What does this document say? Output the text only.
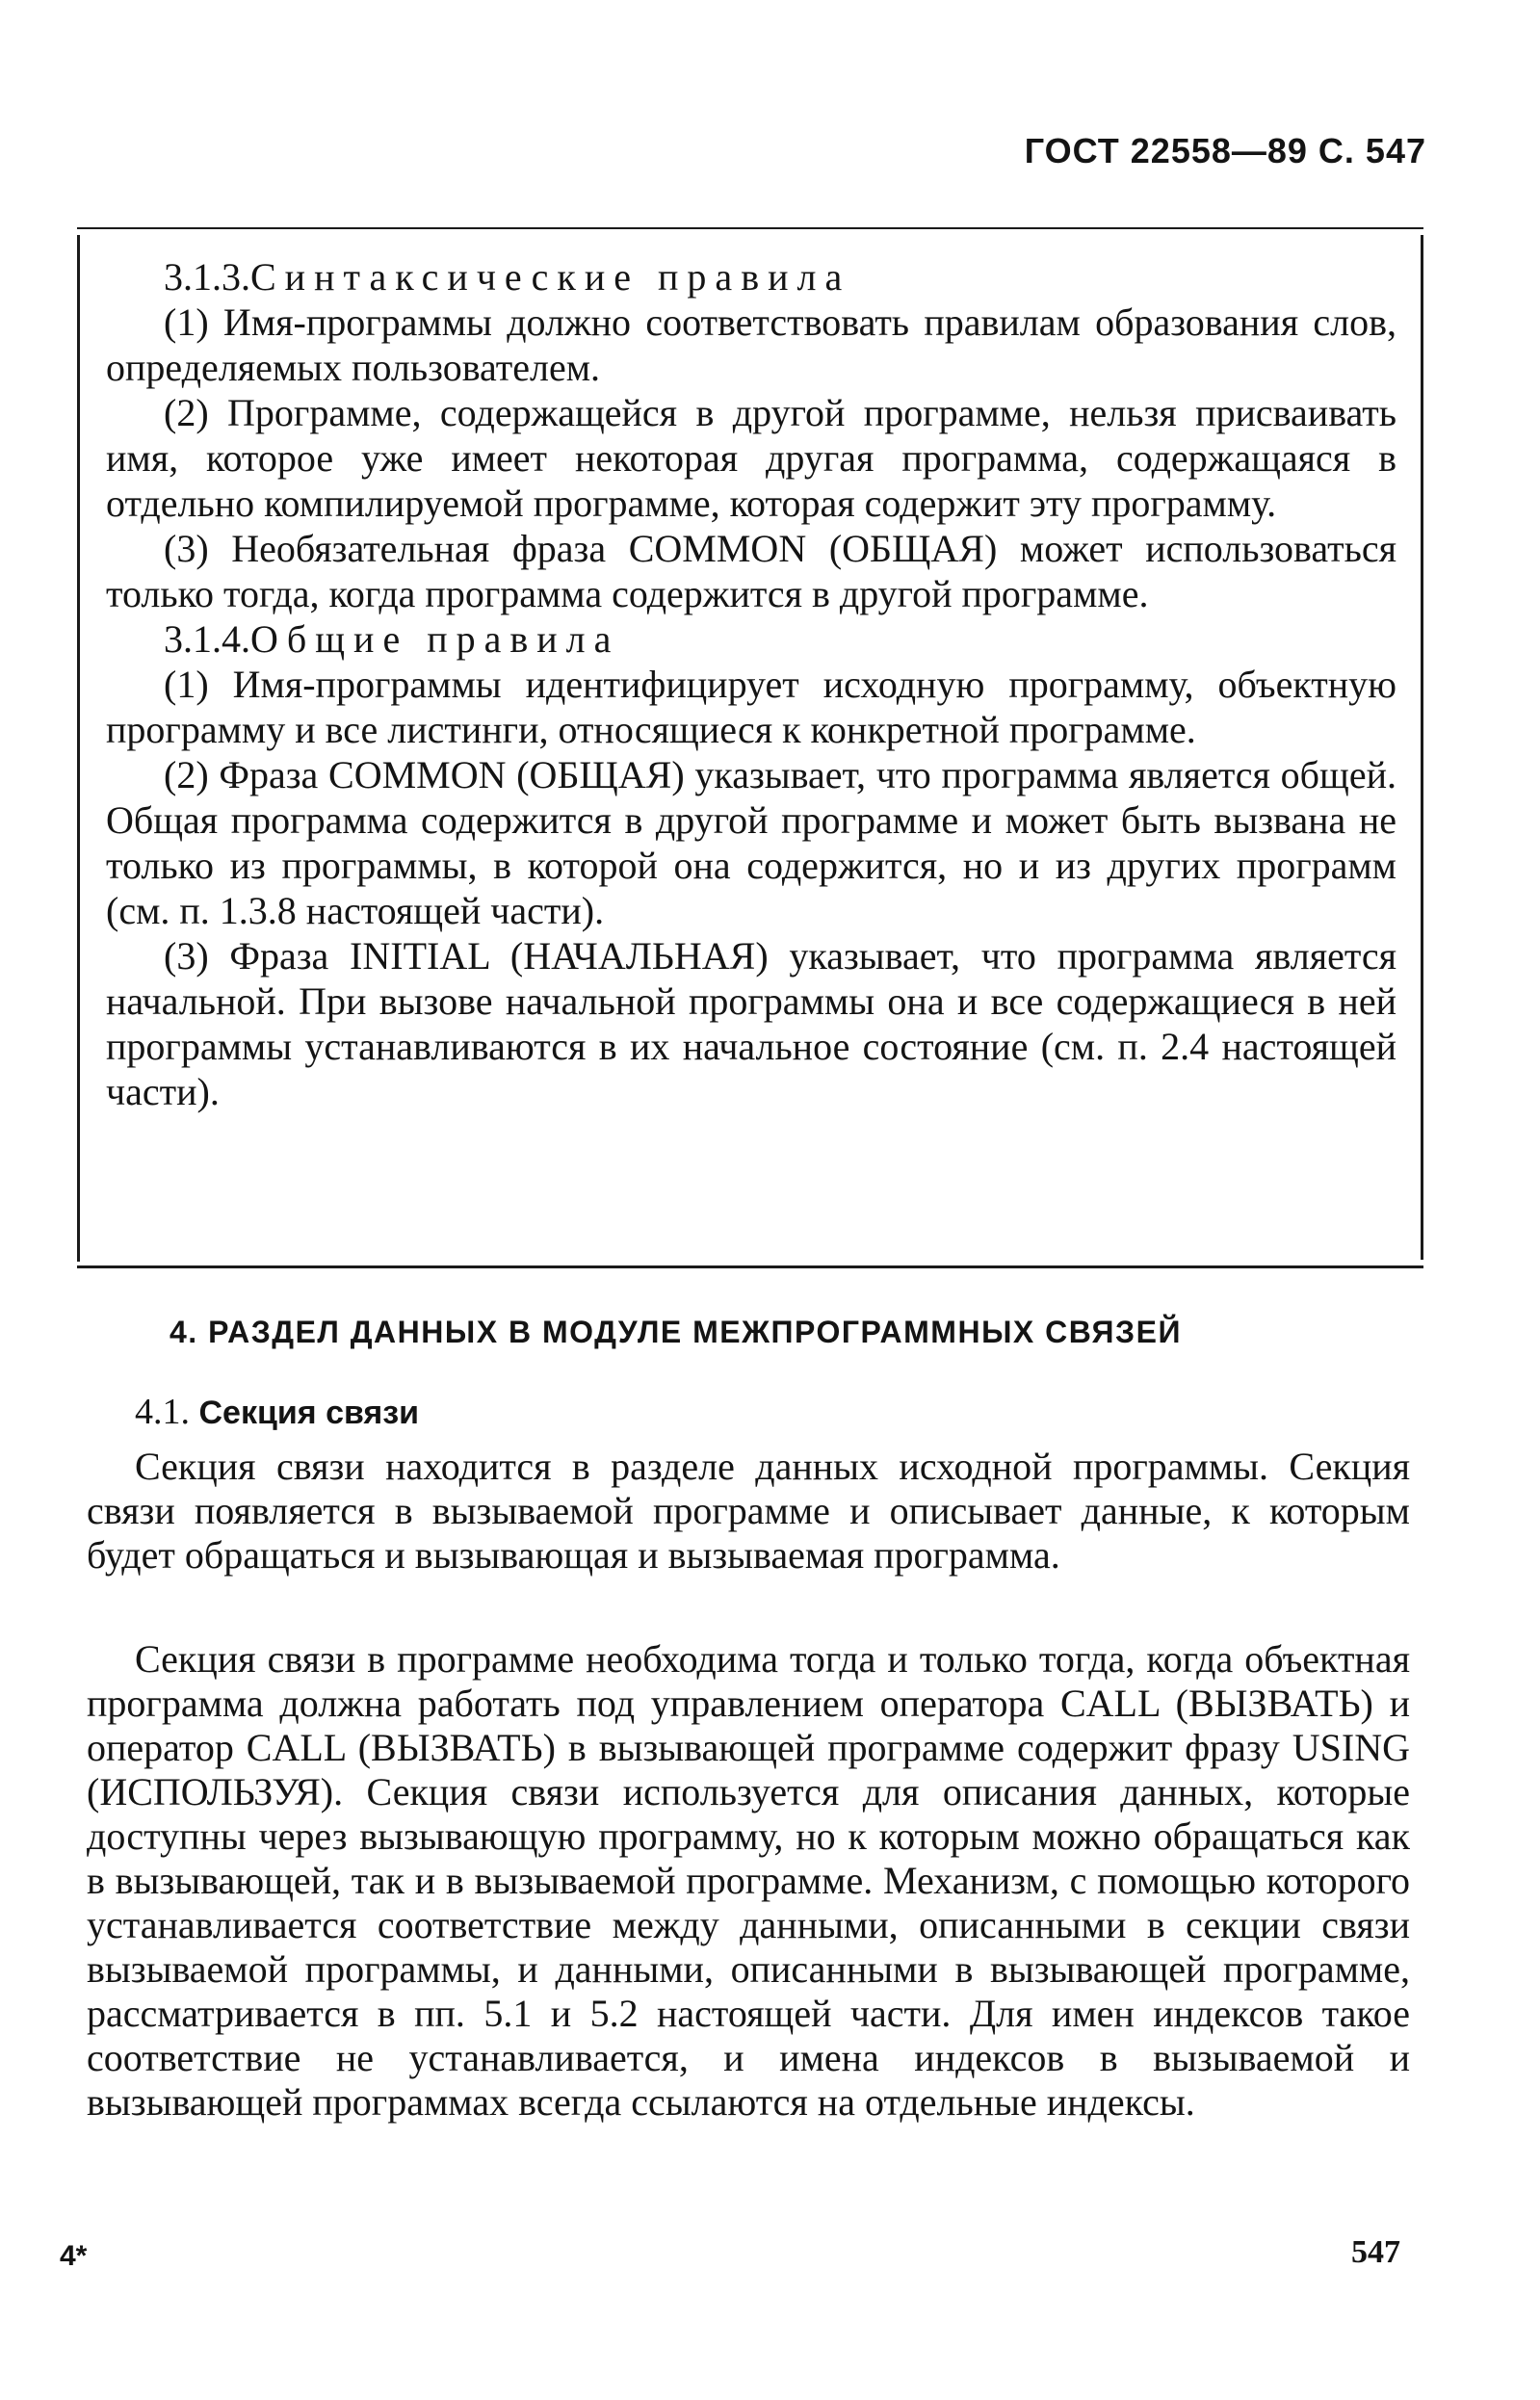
ГОСТ 22558—89 С. 547

3.1.3.Синтаксические правила

(1) Имя-программы должно соответствовать правилам образования слов, определяемых пользователем.

(2) Программе, содержащейся в другой программе, нельзя присваивать имя, которое уже имеет некоторая другая программа, содержащаяся в отдельно компилируемой программе, которая содержит эту программу.

(3) Необязательная фраза COMMON (ОБЩАЯ) может использоваться только тогда, когда программа содержится в другой программе.

3.1.4.Общие правила

(1) Имя-программы идентифицирует исходную программу, объектную программу и все листинги, относящиеся к конкретной программе.

(2) Фраза COMMON (ОБЩАЯ) указывает, что программа является общей. Общая программа содержится в другой программе и может быть вызвана не только из программы, в которой она содержится, но и из других программ (см. п. 1.3.8 настоящей части).

(3) Фраза INITIAL (НАЧАЛЬНАЯ) указывает, что программа является начальной. При вызове начальной программы она и все содержащиеся в ней программы устанавливаются в их начальное состояние (см. п. 2.4 настоящей части).

4. РАЗДЕЛ ДАННЫХ В МОДУЛЕ МЕЖПРОГРАММНЫХ СВЯЗЕЙ
4.1. Секция связи

Секция связи находится в разделе данных исходной программы. Секция связи появляется в вызываемой программе и описывает данные, к которым будет обращаться и вызывающая и вызываемая программа.

Секция связи в программе необходима тогда и только тогда, когда объектная программа должна работать под управлением оператора CALL (ВЫЗВАТЬ) и оператор CALL (ВЫЗВАТЬ) в вызывающей программе содержит фразу USING (ИСПОЛЬЗУЯ). Секция связи используется для описания данных, которые доступны через вызывающую программу, но к которым можно обращаться как в вызывающей, так и в вызываемой программе. Механизм, с помощью которого устанавливается соответствие между данными, описанными в секции связи вызываемой программы, и данными, описанными в вызывающей программе, рассматривается в пп. 5.1 и 5.2 настоящей части. Для имен индексов такое соответствие не устанавливается, и имена индексов в вызываемой и вызывающей программах всегда ссылаются на отдельные индексы.

4*	547
